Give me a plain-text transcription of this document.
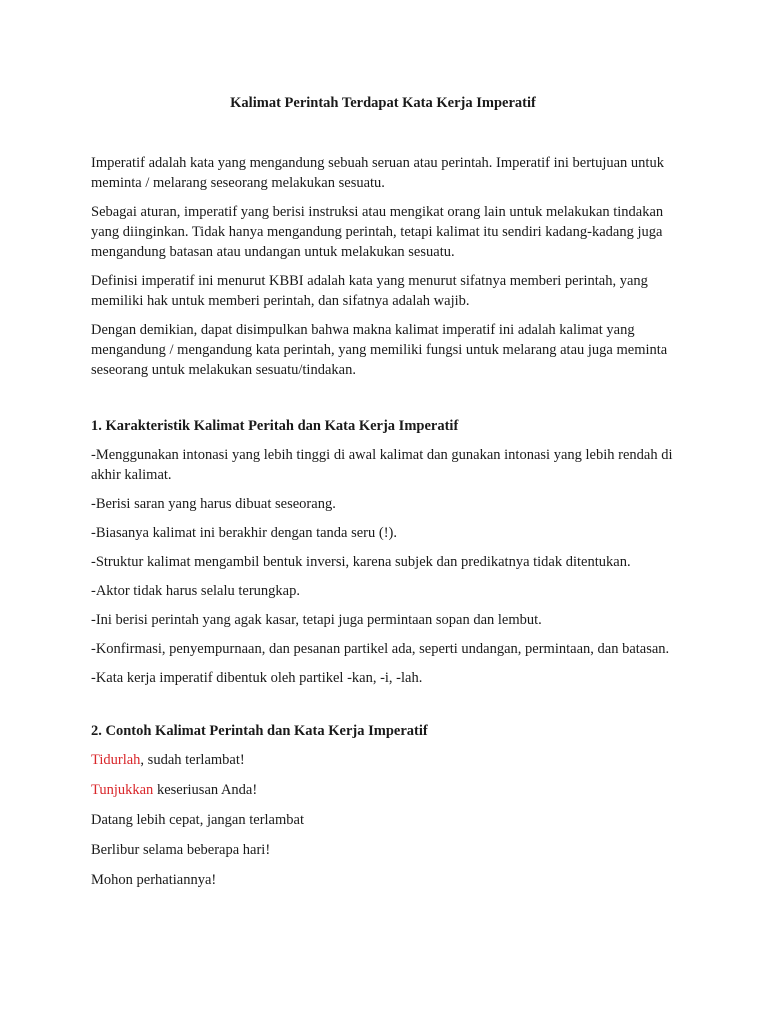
Kalimat Perintah Terdapat Kata Kerja Imperatif

Imperatif adalah kata yang mengandung sebuah seruan atau perintah. Imperatif ini bertujuan untuk meminta / melarang seseorang melakukan sesuatu.

Sebagai aturan, imperatif yang berisi instruksi atau mengikat orang lain untuk melakukan tindakan yang diinginkan. Tidak hanya mengandung perintah, tetapi kalimat itu sendiri kadang-kadang juga mengandung batasan atau undangan untuk melakukan sesuatu.

Definisi imperatif ini menurut KBBI adalah kata yang menurut sifatnya memberi perintah, yang memiliki hak untuk memberi perintah, dan sifatnya adalah wajib.

Dengan demikian, dapat disimpulkan bahwa makna kalimat imperatif ini adalah kalimat yang mengandung / mengandung kata perintah, yang memiliki fungsi untuk melarang atau juga meminta seseorang untuk melakukan sesuatu/tindakan.

1. Karakteristik Kalimat Peritah dan Kata Kerja Imperatif

-Menggunakan intonasi yang lebih tinggi di awal kalimat dan gunakan intonasi yang lebih rendah di akhir kalimat.

-Berisi saran yang harus dibuat seseorang.

-Biasanya kalimat ini berakhir dengan tanda seru (!).

-Struktur kalimat mengambil bentuk inversi, karena subjek dan predikatnya tidak ditentukan.

-Aktor tidak harus selalu terungkap.

-Ini berisi perintah yang agak kasar, tetapi juga permintaan sopan dan lembut.

-Konfirmasi, penyempurnaan, dan pesanan partikel ada, seperti undangan, permintaan, dan batasan.

-Kata kerja imperatif dibentuk oleh partikel -kan, -i, -lah.

2. Contoh Kalimat Perintah dan Kata Kerja Imperatif

Tidurlah, sudah terlambat!

Tunjukkan keseriusan Anda!

Datang lebih cepat, jangan terlambat

Berlibur selama beberapa hari!

Mohon perhatiannya!
